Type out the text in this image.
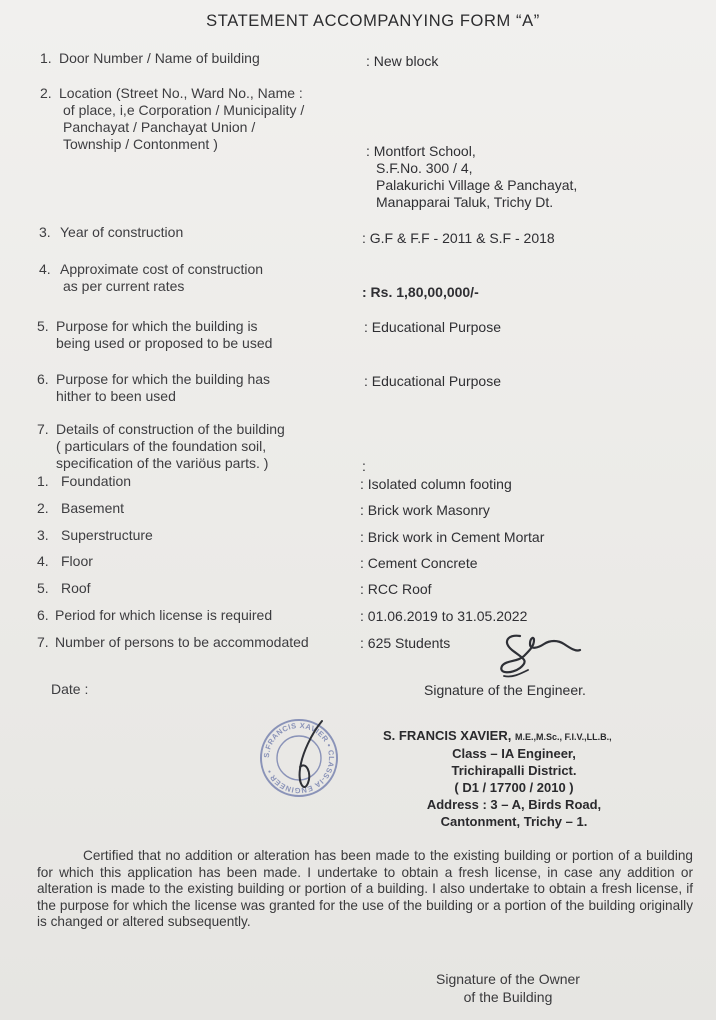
STATEMENT ACCOMPANYING FORM “A”
1. Door Number / Name of building	: New block
2. Location (Street No., Ward No., Name :
of place, i,e Corporation / Municipality /
Panchayat / Panchayat Union /
Township / Contonment )	: Montfort School,
S.F.No. 300 / 4,
Palakurichi Village & Panchayat,
Manapparai Taluk, Trichy Dt.
3. Year of construction	: G.F & F.F - 2011 & S.F - 2018
4. Approximate cost of construction
as per current rates	: Rs. 1,80,00,000/-
5. Purpose for which the building is
being used or proposed to be used
: Educational Purpose
6. Purpose for which the building has
hither to been used
: Educational Purpose
7. Details of construction of the building
( particulars of the foundation soil,
specification of the variöus parts. )	:
1. Foundation	: Isolated column footing
2. Basement	: Brick work Masonry
3. Superstructure	: Brick work in Cement Mortar
4. Floor	: Cement Concrete
5. Roof	: RCC Roof
6. Period for which license is required	: 01.06.2019 to 31.05.2022
7. Number of persons to be accommodated	: 625 Students
Date :	Signature of the Engineer.
S.FRANCIS XAVIER • CLASS-IA ENGINEER •
S. FRANCIS XAVIER, M.E.,M.Sc., F.I.V.,LL.B.,
Class – IA Engineer,
Trichirapalli District.
( D1 / 17700 / 2010 )
Address : 3 – A, Birds Road,
Cantonment, Trichy – 1.
Certified that no addition or alteration has been made to the existing building or portion of a building for which this application has been made. I undertake to obtain a fresh license, in case any addition or alteration is made to the existing building or portion of a building. I also undertake to obtain a fresh license, if the purpose for which the license was granted for the use of the building or a portion of the building originally is changed or altered subsequently.
Signature of the Owner
of the Building
